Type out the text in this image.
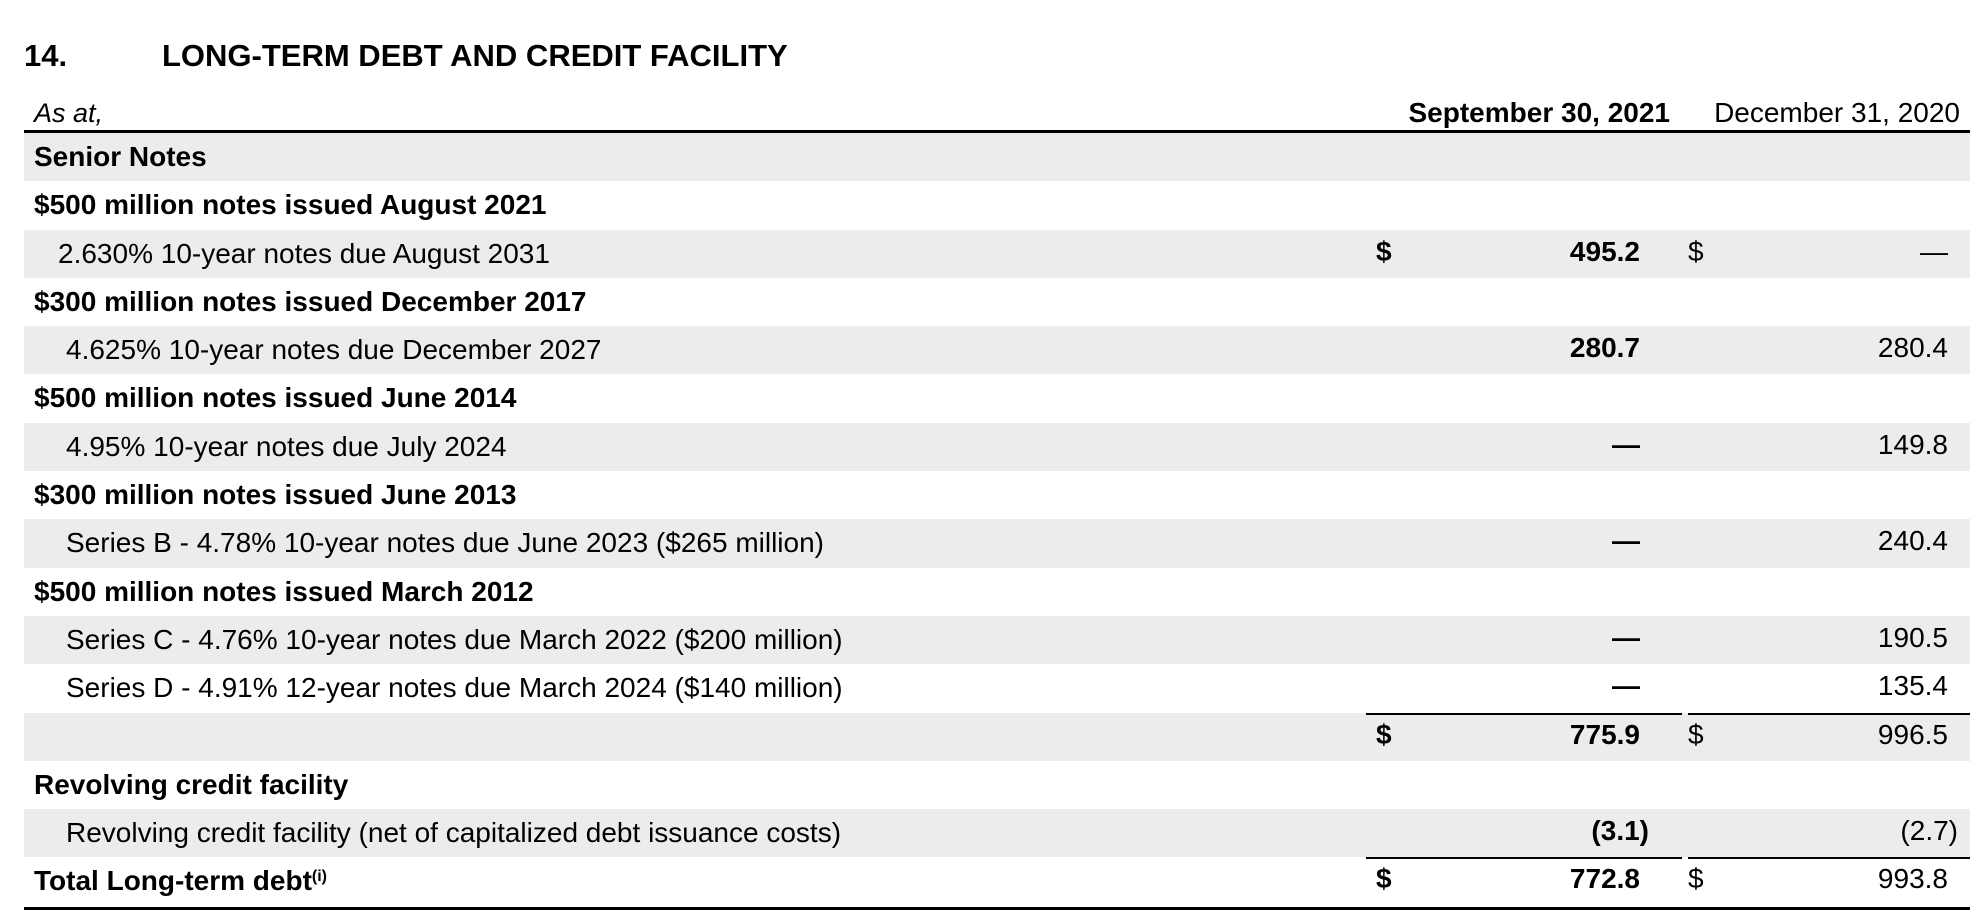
14.	LONG-TERM DEBT AND CREDIT FACILITY
As at,	September 30, 2021 December 31, 2020
Senior Notes
$500 million notes issued August 2021
2.630% 10-year notes due August 2031	$	495.2 $	—
$300 million notes issued December 2017
4.625% 10-year notes due December 2027	280.7	280.4
$500 million notes issued June 2014
4.95% 10-year notes due July 2024	—	149.8
$300 million notes issued June 2013
Series B - 4.78% 10-year notes due June 2023 ($265 million)	—	240.4
$500 million notes issued March 2012
Series C - 4.76% 10-year notes due March 2022 ($200 million)	—	190.5
Series D - 4.91% 12-year notes due March 2024 ($140 million)	—	135.4
$	775.9 $	996.5
Revolving credit facility
Revolving credit facility (net of capitalized debt issuance costs)	(3.1)	(2.7)
Total Long-term debt$^{(i)}$	$	772.8 $	993.8
